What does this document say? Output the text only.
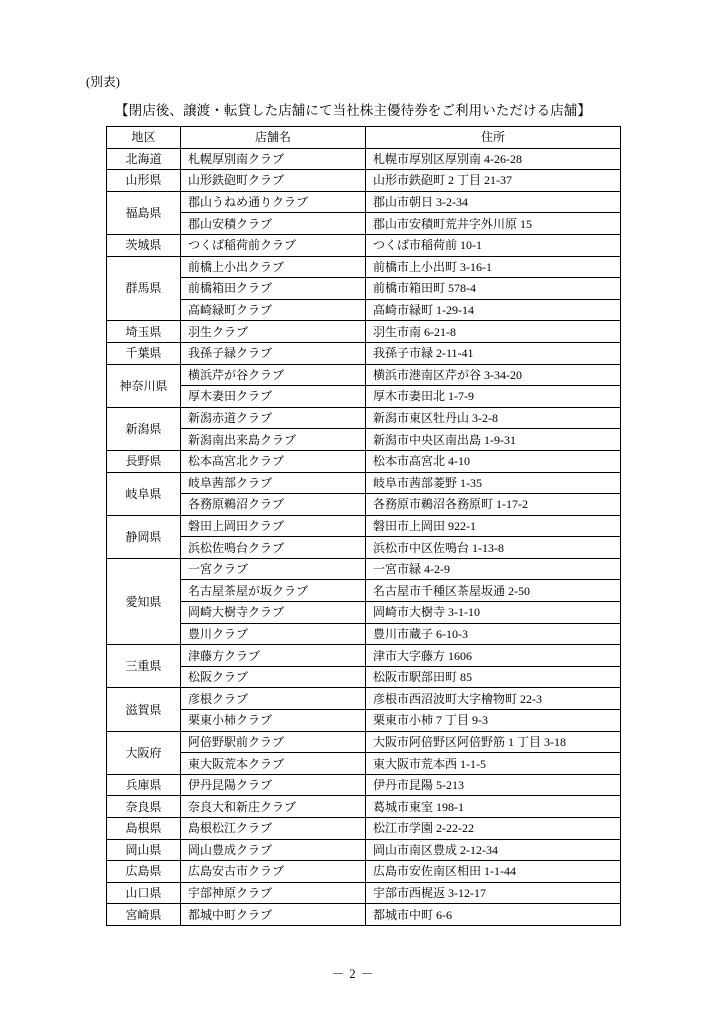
(別表)
【閉店後、譲渡・転貸した店舗にて当社株主優待券をご利用いただける店舗】
地区	店舗名	住所
北海道	札幌厚別南クラブ	札幌市厚別区厚別南 4-26-28
山形県	山形鉄砲町クラブ	山形市鉄砲町 2 丁目 21-37
福島県	郡山うねめ通りクラブ	郡山市朝日 3-2-34
	郡山安積クラブ	郡山市安積町荒井字外川原 15
茨城県	つくば稲荷前クラブ	つくば市稲荷前 10-1
群馬県	前橋上小出クラブ	前橋市上小出町 3-16-1
	前橋箱田クラブ	前橋市箱田町 578-4
	高崎緑町クラブ	高崎市緑町 1-29-14
埼玉県	羽生クラブ	羽生市南 6-21-8
千葉県	我孫子緑クラブ	我孫子市緑 2-11-41
神奈川県	横浜芹が谷クラブ	横浜市港南区芹が谷 3-34-20
	厚木妻田クラブ	厚木市妻田北 1-7-9
新潟県	新潟赤道クラブ	新潟市東区牡丹山 3-2-8
	新潟南出来島クラブ	新潟市中央区南出島 1-9-31
長野県	松本高宮北クラブ	松本市高宮北 4-10
岐阜県	岐阜茜部クラブ	岐阜市茜部菱野 1-35
	各務原鵜沼クラブ	各務原市鵜沼各務原町 1-17-2
静岡県	磐田上岡田クラブ	磐田市上岡田 922-1
	浜松佐鳴台クラブ	浜松市中区佐鳴台 1-13-8
愛知県	一宮クラブ	一宮市緑 4-2-9
	名古屋茶屋が坂クラブ	名古屋市千種区茶屋坂通 2-50
	岡崎大樹寺クラブ	岡崎市大樹寺 3-1-10
	豊川クラブ	豊川市蔵子 6-10-3
三重県	津藤方クラブ	津市大字藤方 1606
	松阪クラブ	松阪市駅部田町 85
滋賀県	彦根クラブ	彦根市西沼波町大字檜物町 22-3
	栗東小柿クラブ	栗東市小柿 7 丁目 9-3
大阪府	阿倍野駅前クラブ	大阪市阿倍野区阿倍野筋 1 丁目 3-18
	東大阪荒本クラブ	東大阪市荒本西 1-1-5
兵庫県	伊丹昆陽クラブ	伊丹市昆陽 5-213
奈良県	奈良大和新庄クラブ	葛城市東室 198-1
島根県	島根松江クラブ	松江市学園 2-22-22
岡山県	岡山豊成クラブ	岡山市南区豊成 2-12-34
広島県	広島安古市クラブ	広島市安佐南区相田 1-1-44
山口県	宇部神原クラブ	宇部市西梶返 3-12-17
宮崎県	都城中町クラブ	都城市中町 6-6
－ 2 －
